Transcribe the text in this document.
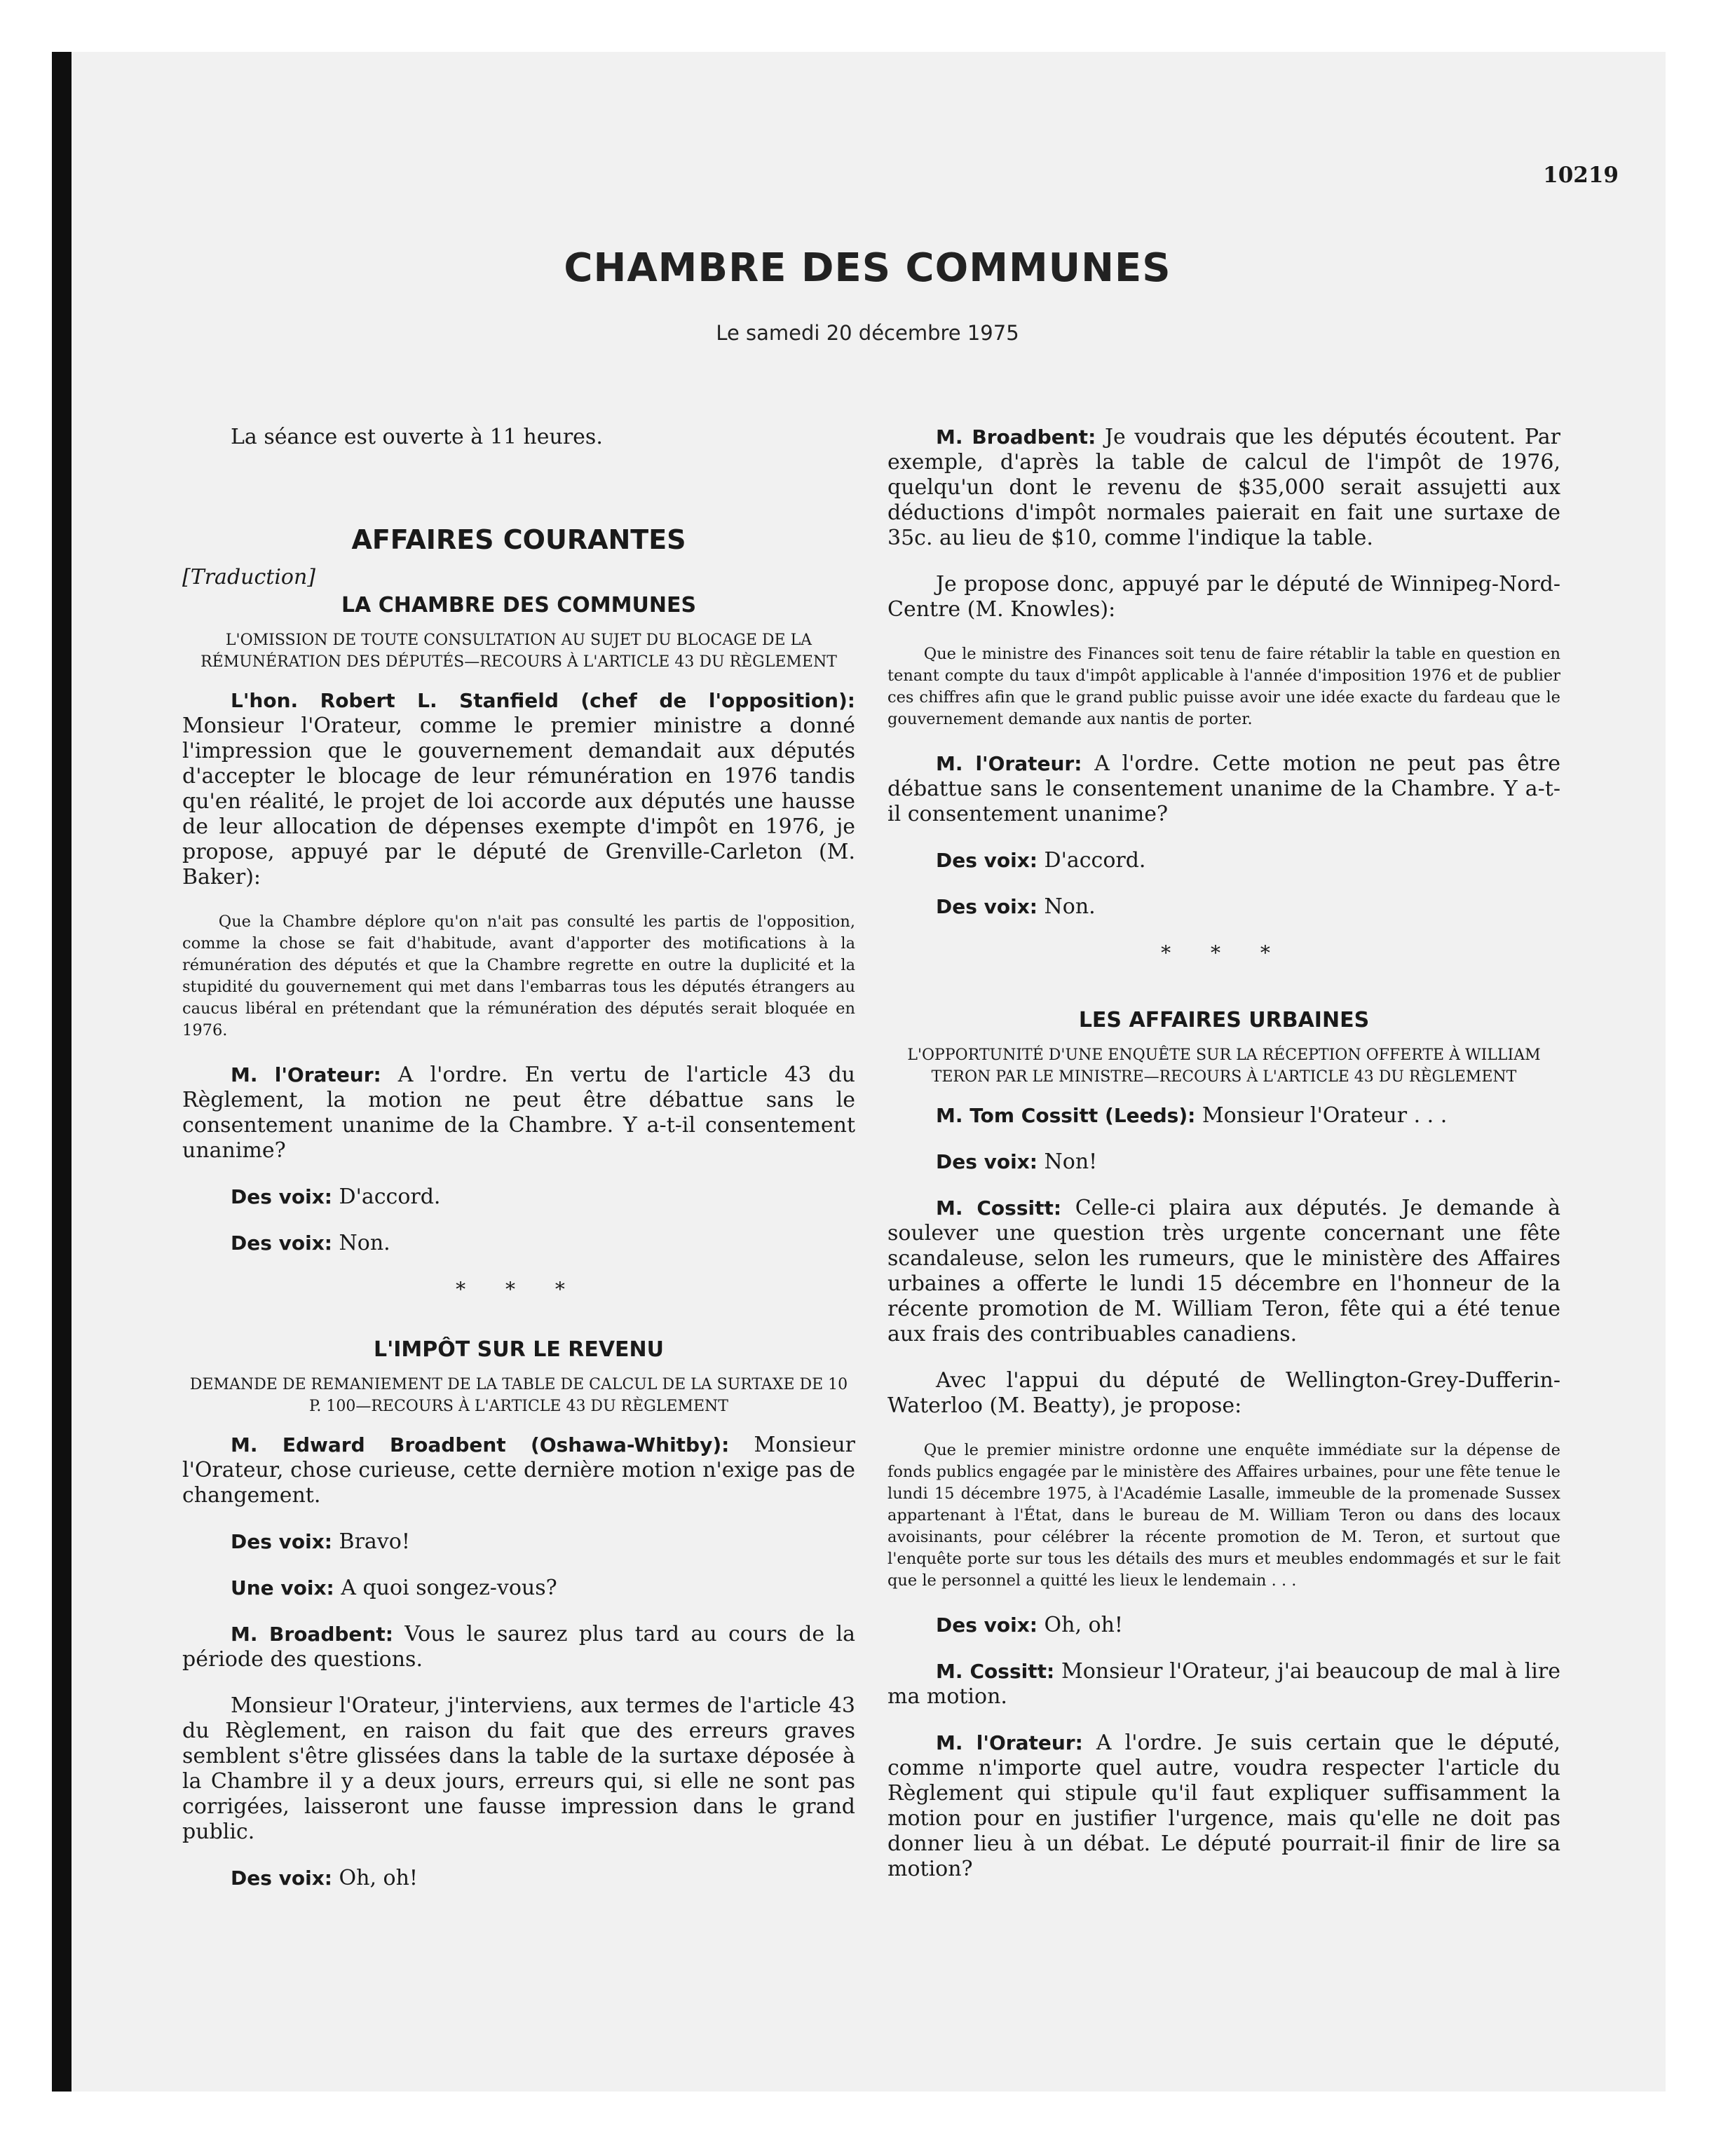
10219
CHAMBRE DES COMMUNES
Le samedi 20 décembre 1975

La séance est ouverte à 11 heures.

AFFAIRES COURANTES
[Traduction]
LA CHAMBRE DES COMMUNES
L'OMISSION DE TOUTE CONSULTATION AU SUJET DU BLOCAGE DE LA RÉMUNÉRATION DES DÉPUTÉS—RECOURS À L'ARTICLE 43 DU RÈGLEMENT

L'hon. Robert L. Stanfield (chef de l'opposition): Monsieur l'Orateur, comme le premier ministre a donné l'impression que le gouvernement demandait aux députés d'accepter le blocage de leur rémunération en 1976 tandis qu'en réalité, le projet de loi accorde aux députés une hausse de leur allocation de dépenses exempte d'impôt en 1976, je propose, appuyé par le député de Grenville-Carleton (M. Baker):

Que la Chambre déplore qu'on n'ait pas consulté les partis de l'opposition, comme la chose se fait d'habitude, avant d'apporter des motifications à la rémunération des députés et que la Chambre regrette en outre la duplicité et la stupidité du gouvernement qui met dans l'embarras tous les députés étrangers au caucus libéral en prétendant que la rémunération des députés serait bloquée en 1976.

M. l'Orateur: A l'ordre. En vertu de l'article 43 du Règlement, la motion ne peut être débattue sans le consentement unanime de la Chambre. Y a-t-il consentement unanime?

Des voix: D'accord.

Des voix: Non.

* * *
L'IMPÔT SUR LE REVENU
DEMANDE DE REMANIEMENT DE LA TABLE DE CALCUL DE LA SURTAXE DE 10 P. 100—RECOURS À L'ARTICLE 43 DU RÈGLEMENT

M. Edward Broadbent (Oshawa-Whitby): Monsieur l'Orateur, chose curieuse, cette dernière motion n'exige pas de changement.

Des voix: Bravo!

Une voix: A quoi songez-vous?

M. Broadbent: Vous le saurez plus tard au cours de la période des questions.

Monsieur l'Orateur, j'interviens, aux termes de l'article 43 du Règlement, en raison du fait que des erreurs graves semblent s'être glissées dans la table de la surtaxe déposée à la Chambre il y a deux jours, erreurs qui, si elle ne sont pas corrigées, laisseront une fausse impression dans le grand public.

Des voix: Oh, oh!

M. Broadbent: Je voudrais que les députés écoutent. Par exemple, d'après la table de calcul de l'impôt de 1976, quelqu'un dont le revenu de $35,000 serait assujetti aux déductions d'impôt normales paierait en fait une surtaxe de 35c. au lieu de $10, comme l'indique la table.

Je propose donc, appuyé par le député de Winnipeg-Nord-Centre (M. Knowles):

Que le ministre des Finances soit tenu de faire rétablir la table en question en tenant compte du taux d'impôt applicable à l'année d'imposition 1976 et de publier ces chiffres afin que le grand public puisse avoir une idée exacte du fardeau que le gouvernement demande aux nantis de porter.

M. l'Orateur: A l'ordre. Cette motion ne peut pas être débattue sans le consentement unanime de la Chambre. Y a-t-il consentement unanime?

Des voix: D'accord.

Des voix: Non.

* * *
LES AFFAIRES URBAINES
L'OPPORTUNITÉ D'UNE ENQUÊTE SUR LA RÉCEPTION OFFERTE À WILLIAM TERON PAR LE MINISTRE—RECOURS À L'ARTICLE 43 DU RÈGLEMENT

M. Tom Cossitt (Leeds): Monsieur l'Orateur . . .

Des voix: Non!

M. Cossitt: Celle-ci plaira aux députés. Je demande à soulever une question très urgente concernant une fête scandaleuse, selon les rumeurs, que le ministère des Affaires urbaines a offerte le lundi 15 décembre en l'honneur de la récente promotion de M. William Teron, fête qui a été tenue aux frais des contribuables canadiens.

Avec l'appui du député de Wellington-Grey-Dufferin-Waterloo (M. Beatty), je propose:

Que le premier ministre ordonne une enquête immédiate sur la dépense de fonds publics engagée par le ministère des Affaires urbaines, pour une fête tenue le lundi 15 décembre 1975, à l'Académie Lasalle, immeuble de la promenade Sussex appartenant à l'État, dans le bureau de M. William Teron ou dans des locaux avoisinants, pour célébrer la récente promotion de M. Teron, et surtout que l'enquête porte sur tous les détails des murs et meubles endommagés et sur le fait que le personnel a quitté les lieux le lendemain . . .

Des voix: Oh, oh!

M. Cossitt: Monsieur l'Orateur, j'ai beaucoup de mal à lire ma motion.

M. l'Orateur: A l'ordre. Je suis certain que le député, comme n'importe quel autre, voudra respecter l'article du Règlement qui stipule qu'il faut expliquer suffisamment la motion pour en justifier l'urgence, mais qu'elle ne doit pas donner lieu à un débat. Le député pourrait-il finir de lire sa motion?
